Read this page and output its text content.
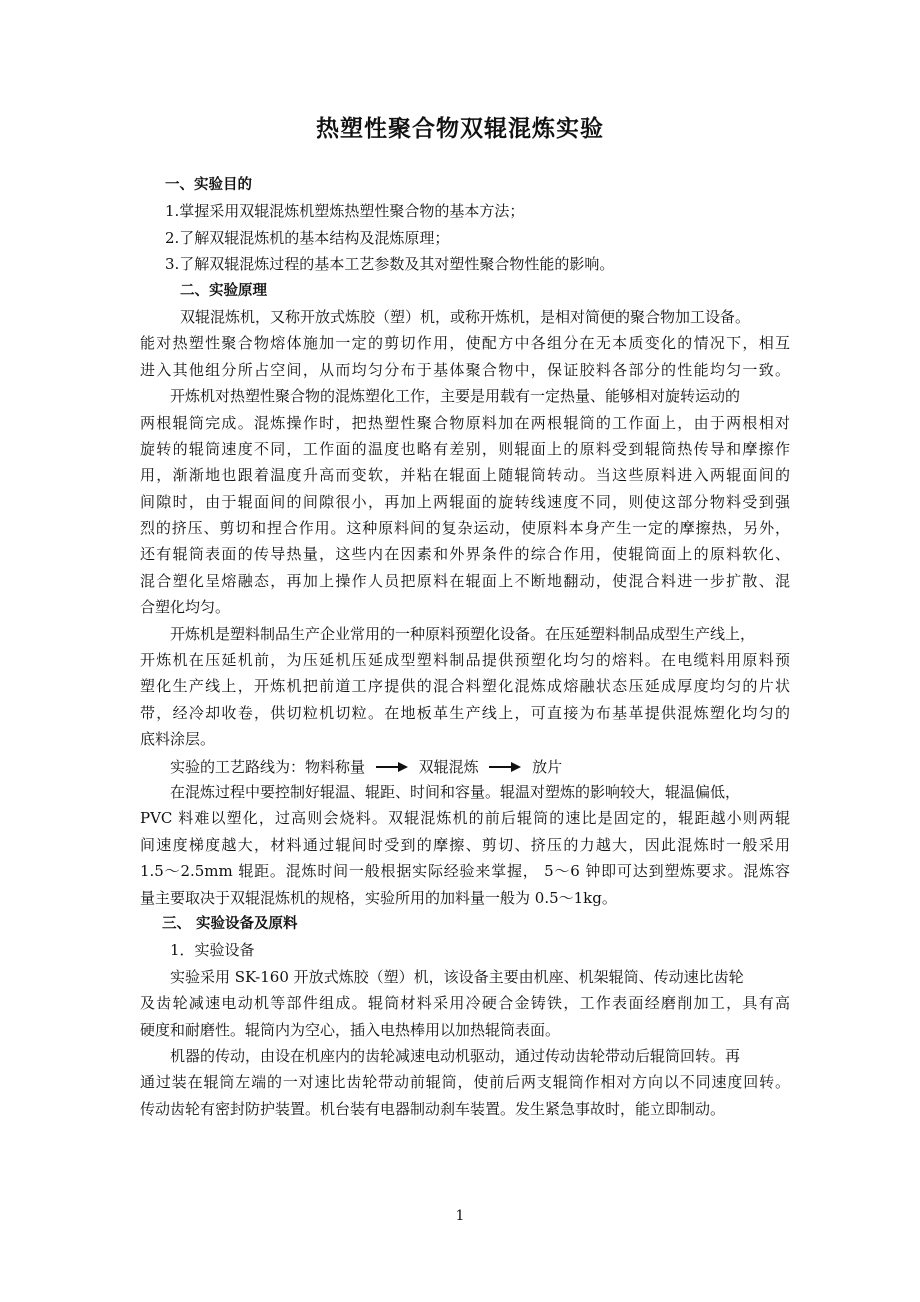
热塑性聚合物双辊混炼实验
一、实验目的
1.掌握采用双辊混炼机塑炼热塑性聚合物的基本方法；
2.了解双辊混炼机的基本结构及混炼原理；
3.了解双辊混炼过程的基本工艺参数及其对塑性聚合物性能的影响。
二、实验原理
双辊混炼机，又称开放式炼胶（塑）机，或称开炼机，是相对简便的聚合物加工设备。
能对热塑性聚合物熔体施加一定的剪切作用，使配方中各组分在无本质变化的情况下，相互
进入其他组分所占空间，从而均匀分布于基体聚合物中，保证胶料各部分的性能均匀一致。
开炼机对热塑性聚合物的混炼塑化工作，主要是用载有一定热量、能够相对旋转运动的
两根辊筒完成。混炼操作时，把热塑性聚合物原料加在两根辊筒的工作面上，由于两根相对
旋转的辊筒速度不同，工作面的温度也略有差别，则辊面上的原料受到辊筒热传导和摩擦作
用，渐渐地也跟着温度升高而变软，并粘在辊面上随辊筒转动。当这些原料进入两辊面间的
间隙时，由于辊面间的间隙很小，再加上两辊面的旋转线速度不同，则使这部分物料受到强
烈的挤压、剪切和捏合作用。这种原料间的复杂运动，使原料本身产生一定的摩擦热，另外，
还有辊筒表面的传导热量，这些内在因素和外界条件的综合作用，使辊筒面上的原料软化、
混合塑化呈熔融态，再加上操作人员把原料在辊面上不断地翻动，使混合料进一步扩散、混
合塑化均匀。
开炼机是塑料制品生产企业常用的一种原料预塑化设备。在压延塑料制品成型生产线上，
开炼机在压延机前，为压延机压延成型塑料制品提供预塑化均匀的熔料。在电缆料用原料预
塑化生产线上，开炼机把前道工序提供的混合料塑化混炼成熔融状态压延成厚度均匀的片状
带，经冷却收卷，供切粒机切粒。在地板革生产线上，可直接为布基革提供混炼塑化均匀的
底料涂层。
实验的工艺路线为：物料称量	双辊混炼	放片
在混炼过程中要控制好辊温、辊距、时间和容量。辊温对塑炼的影响较大，辊温偏低，
PVC 料难以塑化，过高则会烧料。双辊混炼机的前后辊筒的速比是固定的，辊距越小则两辊
间速度梯度越大，材料通过辊间时受到的摩擦、剪切、挤压的力越大，因此混炼时一般采用
1.5～2.5mm 辊距。混炼时间一般根据实际经验来掌握， 5～6 钟即可达到塑炼要求。混炼容
量主要取决于双辊混炼机的规格，实验所用的加料量一般为 0.5～1kg。
三、 实验设备及原料
1．实验设备
实验采用 SK-160 开放式炼胶（塑）机，该设备主要由机座、机架辊筒、传动速比齿轮
及齿轮减速电动机等部件组成。辊筒材料采用冷硬合金铸铁，工作表面经磨削加工，具有高
硬度和耐磨性。辊筒内为空心，插入电热棒用以加热辊筒表面。
机器的传动，由设在机座内的齿轮减速电动机驱动，通过传动齿轮带动后辊筒回转。再
通过装在辊筒左端的一对速比齿轮带动前辊筒，使前后两支辊筒作相对方向以不同速度回转。
传动齿轮有密封防护装置。机台装有电器制动刹车装置。发生紧急事故时，能立即制动。
1
